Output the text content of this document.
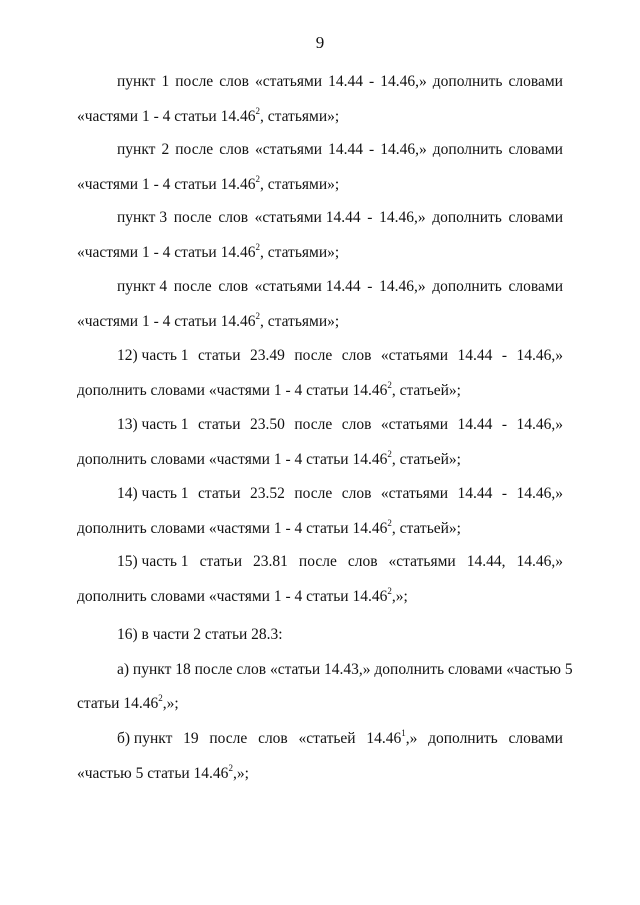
9
пункт 1 после слов «статьями 14.44 - 14.46,» дополнить словами
«частями 1 - 4 статьи 14.46$^2$, статьями»;
пункт 2 после слов «статьями 14.44 - 14.46,» дополнить словами
«частями 1 - 4 статьи 14.46$^2$, статьями»;
пункт 3 после слов «статьями 14.44 - 14.46,» дополнить словами
«частями 1 - 4 статьи 14.46$^2$, статьями»;
пункт 4 после слов «статьями 14.44 - 14.46,» дополнить словами
«частями 1 - 4 статьи 14.46$^2$, статьями»;
12) часть 1 статьи 23.49 после слов «статьями 14.44 - 14.46,»
дополнить словами «частями 1 - 4 статьи 14.46$^2$, статьей»;
13) часть 1 статьи 23.50 после слов «статьями 14.44 - 14.46,»
дополнить словами «частями 1 - 4 статьи 14.46$^2$, статьей»;
14) часть 1 статьи 23.52 после слов «статьями 14.44 - 14.46,»
дополнить словами «частями 1 - 4 статьи 14.46$^2$, статьей»;
15) часть 1 статьи 23.81 после слов «статьями 14.44, 14.46,»
дополнить словами «частями 1 - 4 статьи 14.46$^2$,»;
16) в части 2 статьи 28.3:
а) пункт 18 после слов «статьи 14.43,» дополнить словами «частью 5
статьи 14.46$^2$,»;
б) пункт 19 после слов «статьей 14.46$^1$,» дополнить словами
«частью 5 статьи 14.46$^2$,»;
